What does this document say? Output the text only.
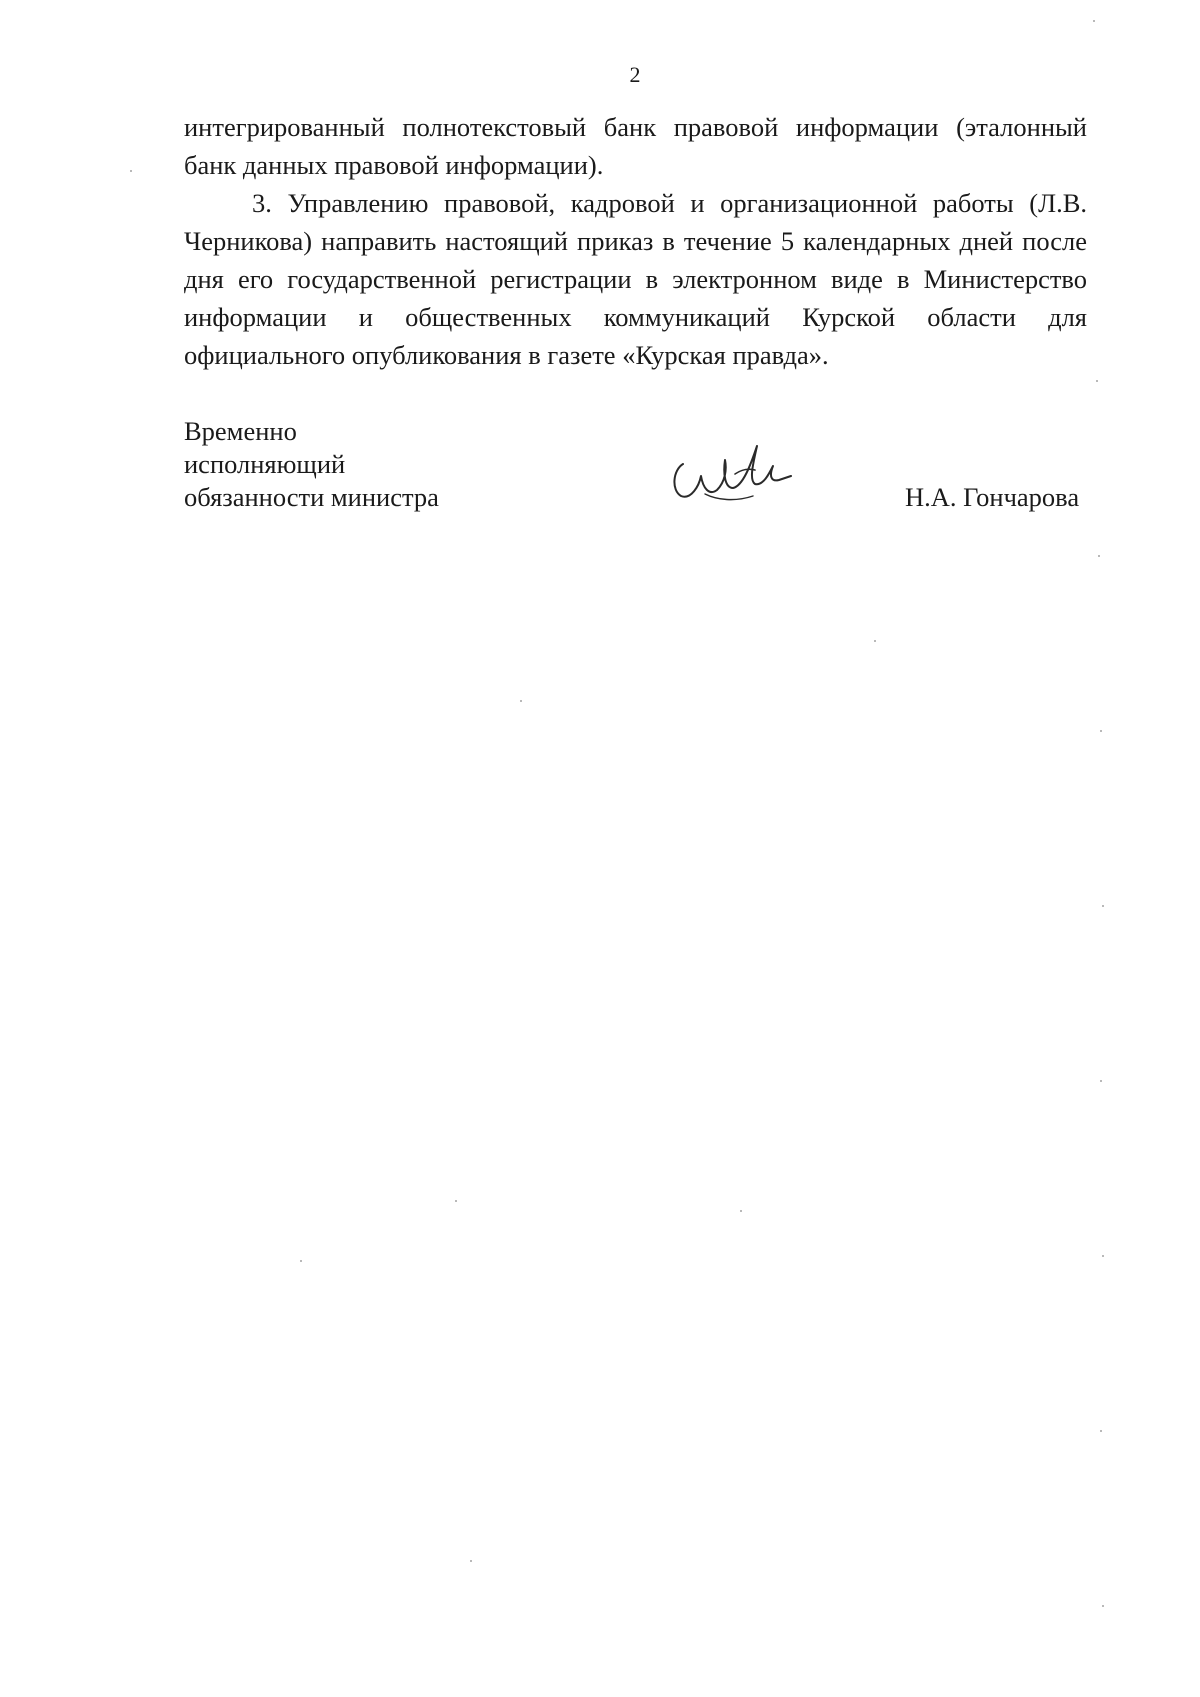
2

интегрированный полнотекстовый банк правовой информации (эталонный банк данных правовой информации).

3. Управлению правовой, кадровой и организационной работы (Л.В. Черникова) направить настоящий приказ в течение 5 календарных дней после дня его государственной регистрации в электронном виде в Министерство информации и общественных коммуникаций Курской области для официального опубликования в газете «Курская правда».

Временно
исполняющий
обязанности министра	Н.А. Гончарова
